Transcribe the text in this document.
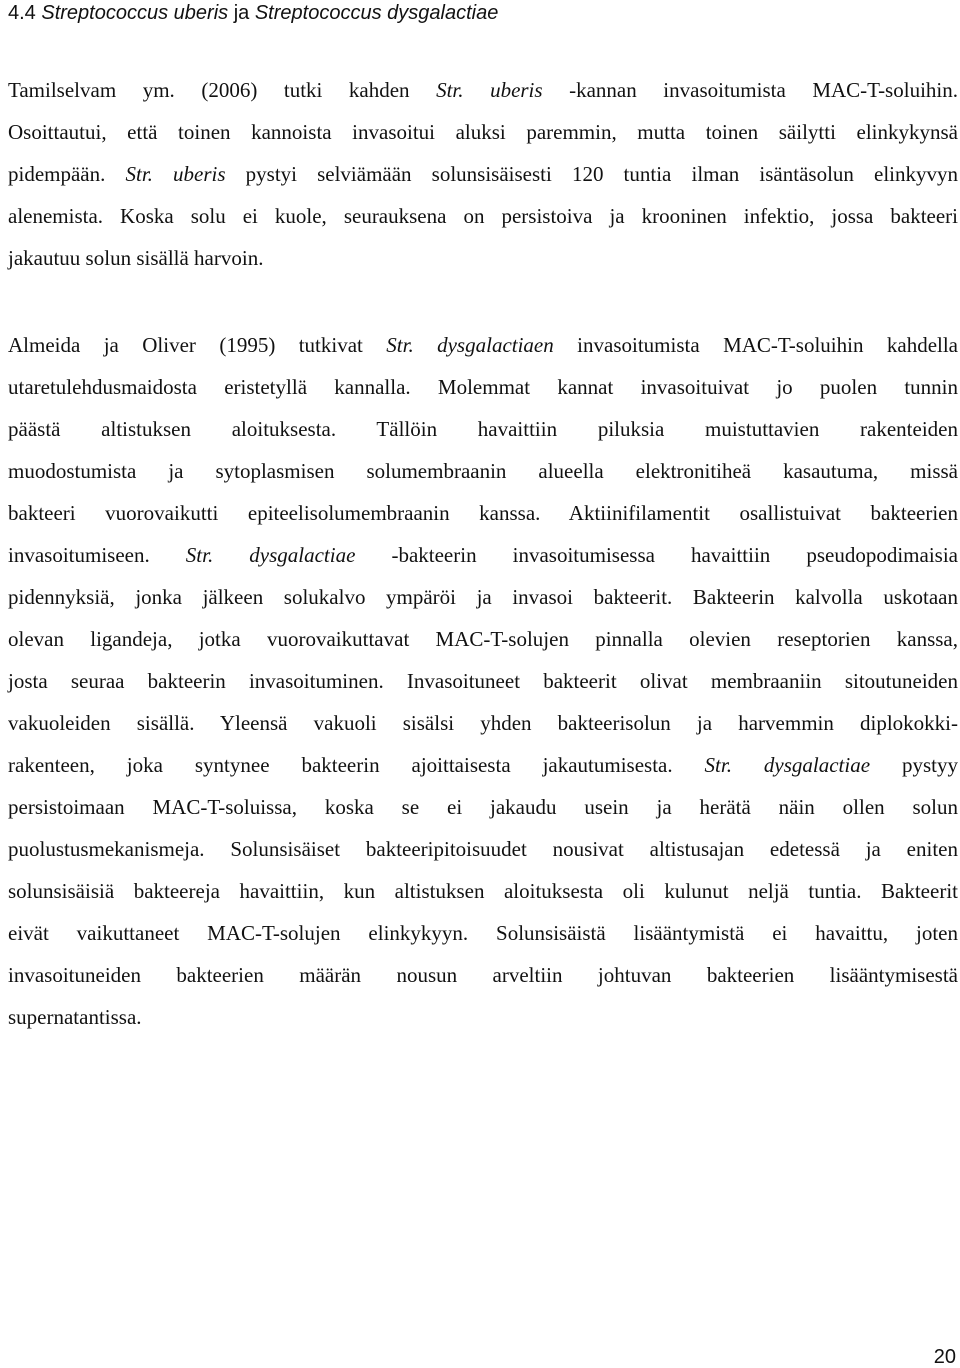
4.4 Streptococcus uberis ja Streptococcus dysgalactiae
Tamilselvam ym. (2006) tutki kahden Str. uberis -kannan invasoitumista MAC-T-soluihin.
Osoittautui, että toinen kannoista invasoitui aluksi paremmin, mutta toinen säilytti elinkykynsä
pidempään. Str. uberis pystyi selviämään solunsisäisesti 120 tuntia ilman isäntäsolun elinkyvyn
alenemista. Koska solu ei kuole, seurauksena on persistoiva ja krooninen infektio, jossa bakteeri
jakautuu solun sisällä harvoin.
Almeida ja Oliver (1995) tutkivat Str. dysgalactiaen invasoitumista MAC-T-soluihin kahdella
utaretulehdusmaidosta eristetyllä kannalla. Molemmat kannat invasoituivat jo puolen tunnin
päästä altistuksen aloituksesta. Tällöin havaittiin piluksia muistuttavien rakenteiden
muodostumista ja sytoplasmisen solumembraanin alueella elektronitiheä kasautuma, missä
bakteeri vuorovaikutti epiteelisolumembraanin kanssa. Aktiinifilamentit osallistuivat bakteerien
invasoitumiseen. Str. dysgalactiae -bakteerin invasoitumisessa havaittiin pseudopodimaisia
pidennyksiä, jonka jälkeen solukalvo ympäröi ja invasoi bakteerit. Bakteerin kalvolla uskotaan
olevan ligandeja, jotka vuorovaikuttavat MAC-T-solujen pinnalla olevien reseptorien kanssa,
josta seuraa bakteerin invasoituminen. Invasoituneet bakteerit olivat membraaniin sitoutuneiden
vakuoleiden sisällä. Yleensä vakuoli sisälsi yhden bakteerisolun ja harvemmin diplokokki-
rakenteen, joka syntynee bakteerin ajoittaisesta jakautumisesta. Str. dysgalactiae pystyy
persistoimaan MAC-T-soluissa, koska se ei jakaudu usein ja herätä näin ollen solun
puolustusmekanismeja. Solunsisäiset bakteeripitoisuudet nousivat altistusajan edetessä ja eniten
solunsisäisiä bakteereja havaittiin, kun altistuksen aloituksesta oli kulunut neljä tuntia. Bakteerit
eivät vaikuttaneet MAC-T-solujen elinkykyyn. Solunsisäistä lisääntymistä ei havaittu, joten
invasoituneiden bakteerien määrän nousun arveltiin johtuvan bakteerien lisääntymisestä
supernatantissa.
20
